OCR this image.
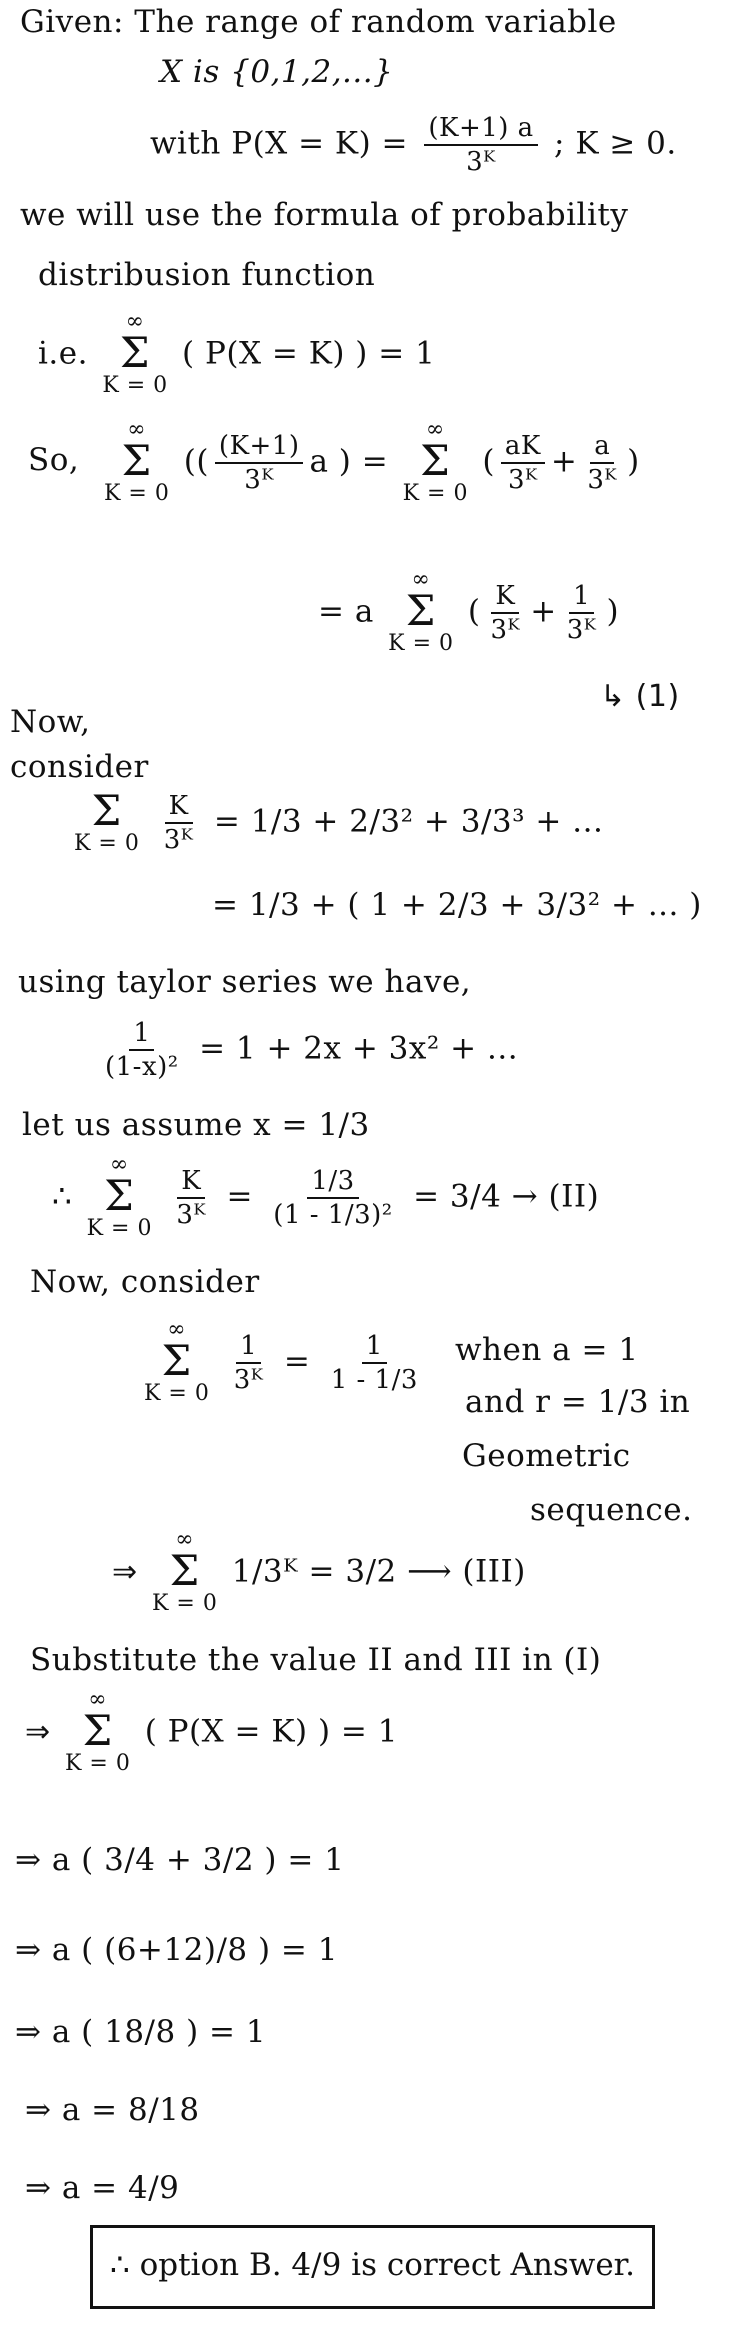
Given: The range of random variable
X is {0,1,2,...}
with $P(X = K) = \frac{(K+1) a}{\text{3ᴷ}}$ ; K ≥ 0.
we will use the formula of probability
distribusion function
i.e.
∞
Σ
K = 0
( P(X = K) ) = 1
So,
∞
Σ
K = 0
(( $\frac{(K+1)}{\text{3ᴷ}}$ a ) =
∞
Σ
K = 0
( $\frac{aK}{\text{3ᴷ}} + \frac{a}{\text{3ᴷ}}$ )
= a
∞
Σ
K = 0
( $\frac{K}{\text{3ᴷ}} + \frac{1}{\text{3ᴷ}}$ )
↳ (1)
Now,
consider
Σ
K = 0
$\frac{K}{\text{3ᴷ}} = 1/3 + 2/3^2 + 3/3^3$ + ...
= 1/3 + ( 1 + 2/3 + 3/3² + ... )
using taylor series we have,
$\frac{1}{\text{(1-x)²}} = 1 + 2x + 3x^2$ + ...
let us assume x = 1/3
∴
∞
Σ
K = 0
$\frac{K}{\text{3ᴷ}} = \frac{1/3}{\text{(1 - 1/3)²}} = 3/4 \to (II)$
Now, consider
∞
Σ
K = 0
$\frac{1}{\text{3ᴷ}} = \frac{1}{1 - 1/3}$ when a = 1
and r = 1/3 in
Geometric
sequence.
⇒
∞
Σ
K = 0
1/3ᴷ = 3/2 ⟶ (III)
Substitute the value II and III in (I)
⇒
∞
Σ
K = 0
( P(X = K) ) = 1
⇒ a ( 3/4 + 3/2 ) = 1
⇒ a ( (6+12)/8 ) = 1
⇒ a ( 18/8 ) = 1
⇒ a = 8/18
⇒ a = 4/9
∴ option B. 4/9 is correct Answer.
